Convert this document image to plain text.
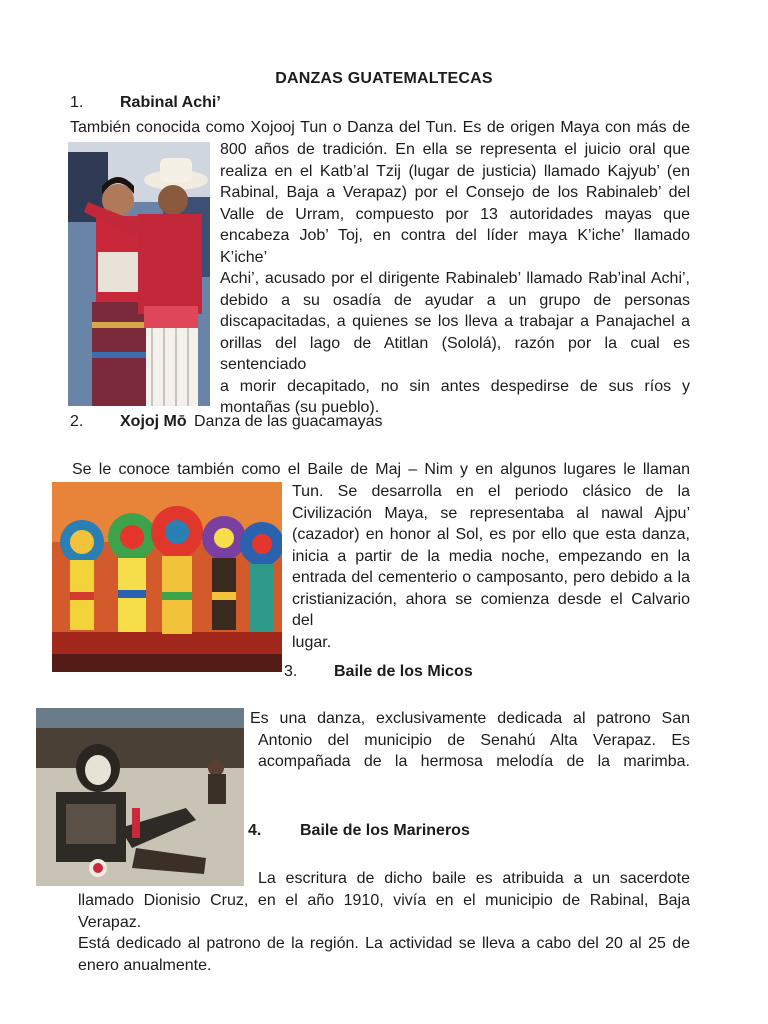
DANZAS GUATEMALTECAS
1. Rabinal Achi’
También conocida como Xojooj Tun o Danza del Tun. Es de origen Maya con más de
800 años de tradición. En ella se representa el juicio oral que
realiza en el Katb’al Tzij (lugar de justicia) llamado Kajyub’ (en
Rabinal, Baja a Verapaz) por el Consejo de los Rabinaleb’ del
Valle de Urram, compuesto por 13 autoridades mayas que
encabeza Job’ Toj, en contra del líder maya K’iche’ llamado K’iche’
Achi’, acusado por el dirigente Rabinaleb’ llamado Rab’inal Achi’,
debido a su osadía de ayudar a un grupo de personas
discapacitadas, a quienes se los lleva a trabajar a Panajachel a
orillas del lago de Atitlan (Sololá), razón por la cual es sentenciado
a morir decapitado, no sin antes despedirse de sus ríos y
montañas (su pueblo).
2. Xojoj Mō Danza de las guacamayas
Se le conoce también como el Baile de Maj – Nim y en algunos lugares le llaman
Tun. Se desarrolla en el periodo clásico de la
Civilización Maya, se representaba al nawal Ajpu’
(cazador) en honor al Sol, es por ello que esta danza,
inicia a partir de la media noche, empezando en la
entrada del cementerio o camposanto, pero debido a la
cristianización, ahora se comienza desde el Calvario del
lugar.
3. Baile de los Micos
Es una danza, exclusivamente dedicada al patrono San
Antonio del municipio de Senahú Alta Verapaz. Es
acompañada de la hermosa melodía de la marimba.
4. Baile de los Marineros
La escritura de dicho baile es atribuida a un sacerdote
llamado Dionisio Cruz, en el año 1910, vivía en el municipio de Rabinal, Baja Verapaz.
Está dedicado al patrono de la región. La actividad se lleva a cabo del 20 al 25 de
enero anualmente.
